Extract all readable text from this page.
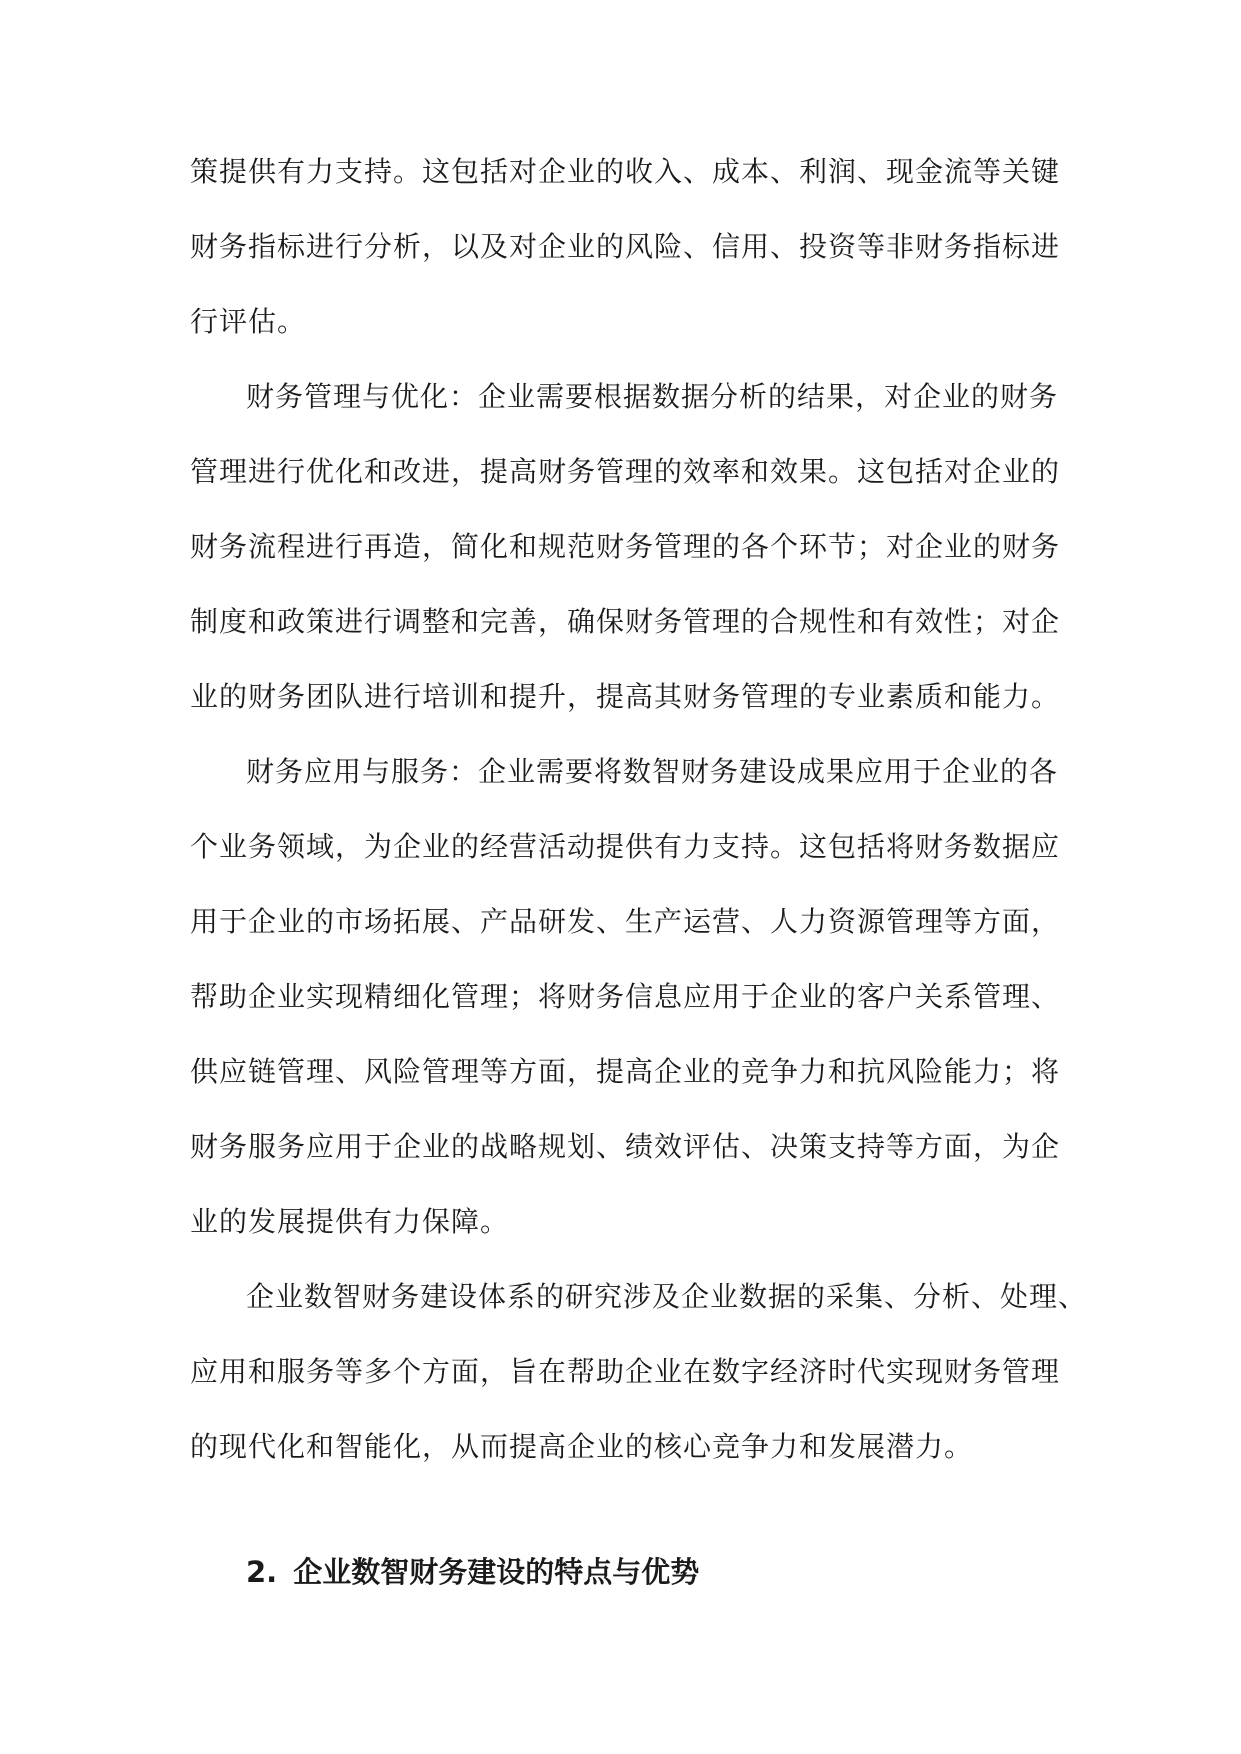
策提供有力支持。这包括对企业的收入、成本、利润、现金流等关键

财务指标进行分析，以及对企业的风险、信用、投资等非财务指标进

行评估。

财务管理与优化：企业需要根据数据分析的结果，对企业的财务

管理进行优化和改进，提高财务管理的效率和效果。这包括对企业的

财务流程进行再造，简化和规范财务管理的各个环节；对企业的财务

制度和政策进行调整和完善，确保财务管理的合规性和有效性；对企

业的财务团队进行培训和提升，提高其财务管理的专业素质和能力。

财务应用与服务：企业需要将数智财务建设成果应用于企业的各

个业务领域，为企业的经营活动提供有力支持。这包括将财务数据应

用于企业的市场拓展、产品研发、生产运营、人力资源管理等方面，

帮助企业实现精细化管理；将财务信息应用于企业的客户关系管理、

供应链管理、风险管理等方面，提高企业的竞争力和抗风险能力；将

财务服务应用于企业的战略规划、绩效评估、决策支持等方面，为企

业的发展提供有力保障。

企业数智财务建设体系的研究涉及企业数据的采集、分析、处理、

应用和服务等多个方面，旨在帮助企业在数字经济时代实现财务管理

的现代化和智能化，从而提高企业的核心竞争力和发展潜力。

2. 企业数智财务建设的特点与优势
